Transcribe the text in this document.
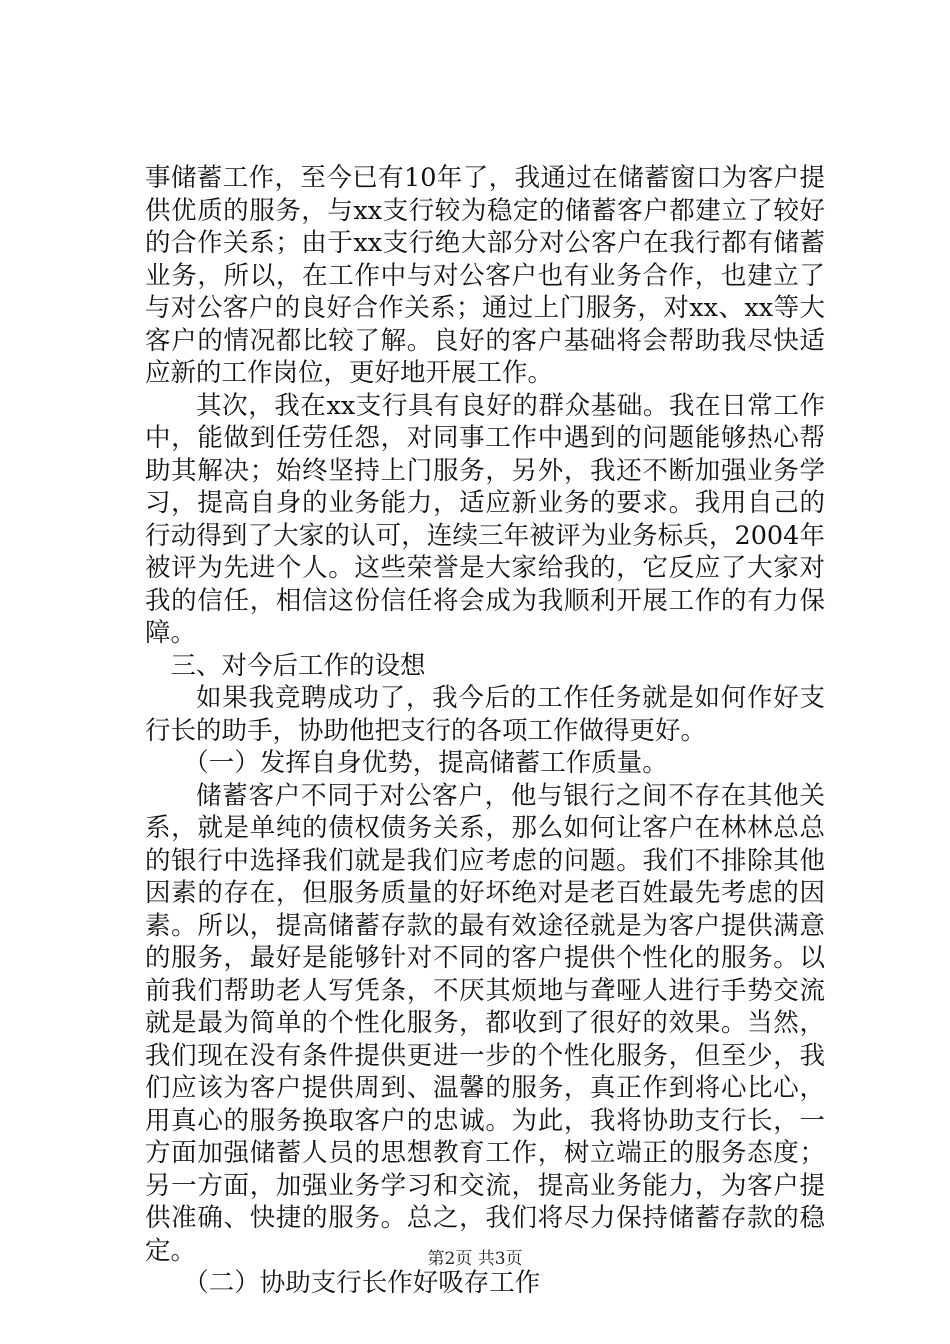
事储蓄工作，至今已有10年了，我通过在储蓄窗口为客户提供优质的服务，与xx支行较为稳定的储蓄客户都建立了较好的合作关系；由于xx支行绝大部分对公客户在我行都有储蓄业务，所以，在工作中与对公客户也有业务合作，也建立了与对公客户的良好合作关系；通过上门服务，对xx、xx等大客户的情况都比较了解。良好的客户基础将会帮助我尽快适应新的工作岗位，更好地开展工作。

其次，我在xx支行具有良好的群众基础。我在日常工作中，能做到任劳任怨，对同事工作中遇到的问题能够热心帮助其解决；始终坚持上门服务，另外，我还不断加强业务学习，提高自身的业务能力，适应新业务的要求。我用自己的行动得到了大家的认可，连续三年被评为业务标兵，2004年被评为先进个人。这些荣誉是大家给我的，它反应了大家对我的信任，相信这份信任将会成为我顺利开展工作的有力保障。

三、对今后工作的设想

如果我竞聘成功了，我今后的工作任务就是如何作好支行长的助手，协助他把支行的各项工作做得更好。

（一）发挥自身优势，提高储蓄工作质量。

储蓄客户不同于对公客户，他与银行之间不存在其他关系，就是单纯的债权债务关系，那么如何让客户在林林总总的银行中选择我们就是我们应考虑的问题。我们不排除其他因素的存在，但服务质量的好坏绝对是老百姓最先考虑的因素。所以，提高储蓄存款的最有效途径就是为客户提供满意的服务，最好是能够针对不同的客户提供个性化的服务。以前我们帮助老人写凭条，不厌其烦地与聋哑人进行手势交流就是最为简单的个性化服务，都收到了很好的效果。当然，我们现在没有条件提供更进一步的个性化服务，但至少，我们应该为客户提供周到、温馨的服务，真正作到将心比心，用真心的服务换取客户的忠诚。为此，我将协助支行长，一方面加强储蓄人员的思想教育工作，树立端正的服务态度；另一方面，加强业务学习和交流，提高业务能力，为客户提供准确、快捷的服务。总之，我们将尽力保持储蓄存款的稳定。

（二）协助支行长作好吸存工作

第2页 共3页
